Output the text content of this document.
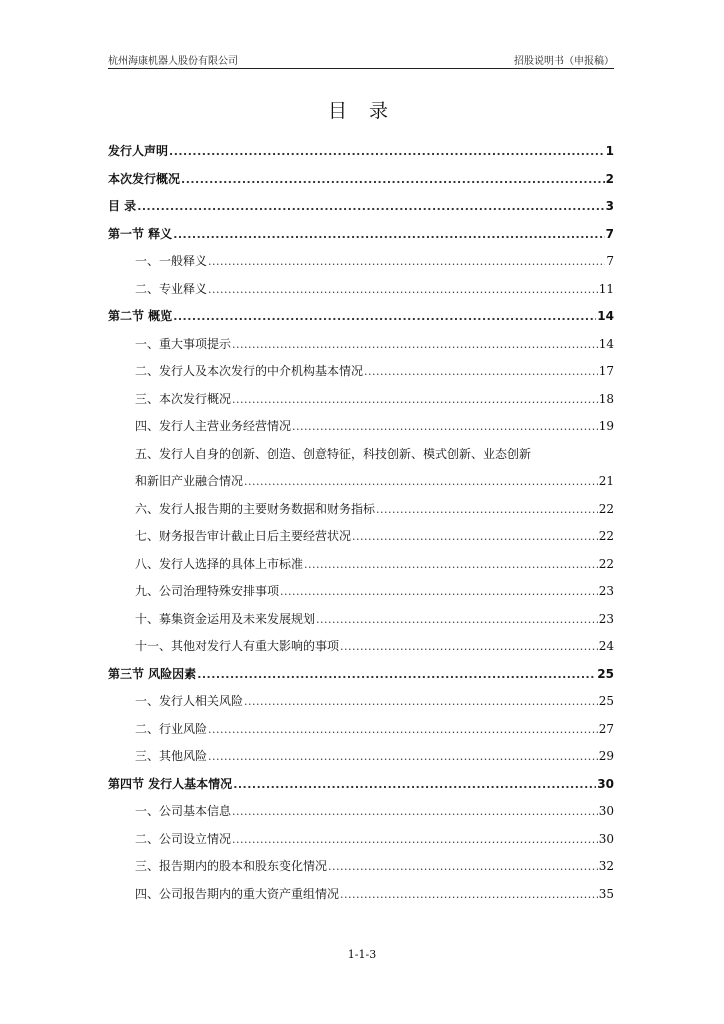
杭州海康机器人股份有限公司	招股说明书（申报稿）
目 录
发行人声明 .....	1
本次发行概况 .....	2
目 录 .....	3
第一节 释义 .....	7
一、一般释义 .....	7
二、专业释义 .....	11
第二节 概览 .....	14
一、重大事项提示 .....	14
二、发行人及本次发行的中介机构基本情况 .....	17
三、本次发行概况 .....	18
四、发行人主营业务经营情况 .....	19
五、发行人自身的创新、创造、创意特征，科技创新、模式创新、业态创新
和新旧产业融合情况 .....	21
六、发行人报告期的主要财务数据和财务指标 .....	22
七、财务报告审计截止日后主要经营状况 .....	22
八、发行人选择的具体上市标准 .....	22
九、公司治理特殊安排事项 .....	23
十、募集资金运用及未来发展规划 .....	23
十一、其他对发行人有重大影响的事项 .....	24
第三节 风险因素 .....	25
一、发行人相关风险 .....	25
二、行业风险 .....	27
三、其他风险 .....	29
第四节 发行人基本情况 .....	30
一、公司基本信息 .....	30
二、公司设立情况 .....	30
三、报告期内的股本和股东变化情况 .....	32
四、公司报告期内的重大资产重组情况 .....	35
1-1-3
